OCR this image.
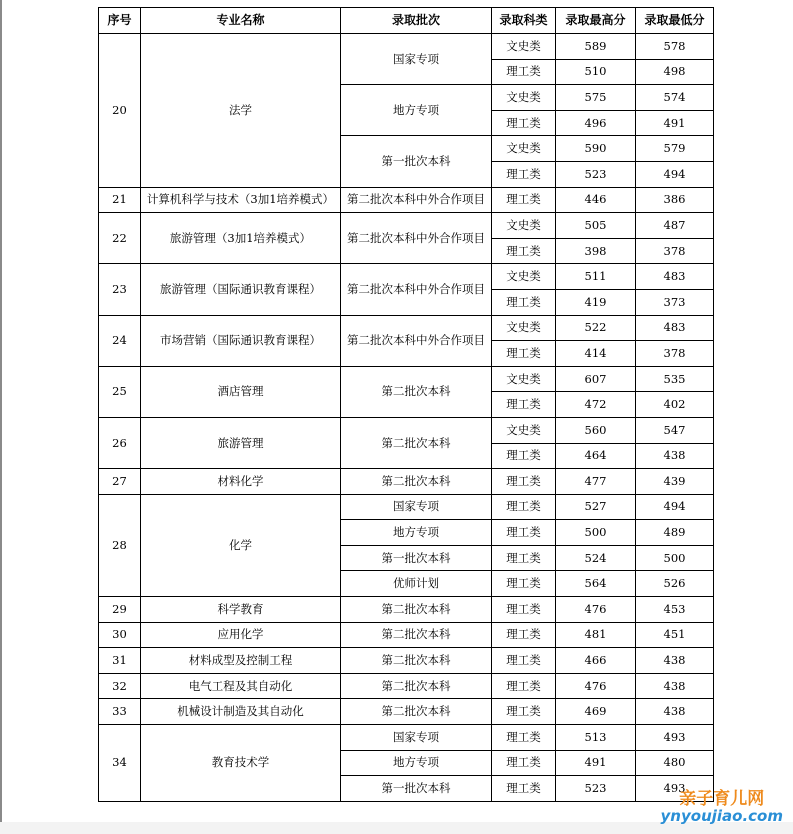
序号	专业名称	录取批次	录取科类	录取最高分	录取最低分
20	法学	国家专项	文史类	589	578
			理工类	510	498
		地方专项	文史类	575	574
			理工类	496	491
		第一批次本科	文史类	590	579
			理工类	523	494
21	计算机科学与技术（3加1培养模式）	第二批次本科中外合作项目	理工类	446	386
22	旅游管理（3加1培养模式）	第二批次本科中外合作项目	文史类	505	487
			理工类	398	378
23	旅游管理（国际通识教育课程）	第二批次本科中外合作项目	文史类	511	483
			理工类	419	373
24	市场营销（国际通识教育课程）	第二批次本科中外合作项目	文史类	522	483
			理工类	414	378
25	酒店管理	第二批次本科	文史类	607	535
			理工类	472	402
26	旅游管理	第二批次本科	文史类	560	547
			理工类	464	438
27	材料化学	第二批次本科	理工类	477	439
28	化学	国家专项	理工类	527	494
		地方专项	理工类	500	489
		第一批次本科	理工类	524	500
		优师计划	理工类	564	526
29	科学教育	第二批次本科	理工类	476	453
30	应用化学	第二批次本科	理工类	481	451
31	材料成型及控制工程	第二批次本科	理工类	466	438
32	电气工程及其自动化	第二批次本科	理工类	476	438
33	机械设计制造及其自动化	第二批次本科	理工类	469	438
34	教育技术学	国家专项	理工类	513	493
		地方专项	理工类	491	480
		第一批次本科	理工类	523	493
亲子育儿网
ynyoujiao.com
